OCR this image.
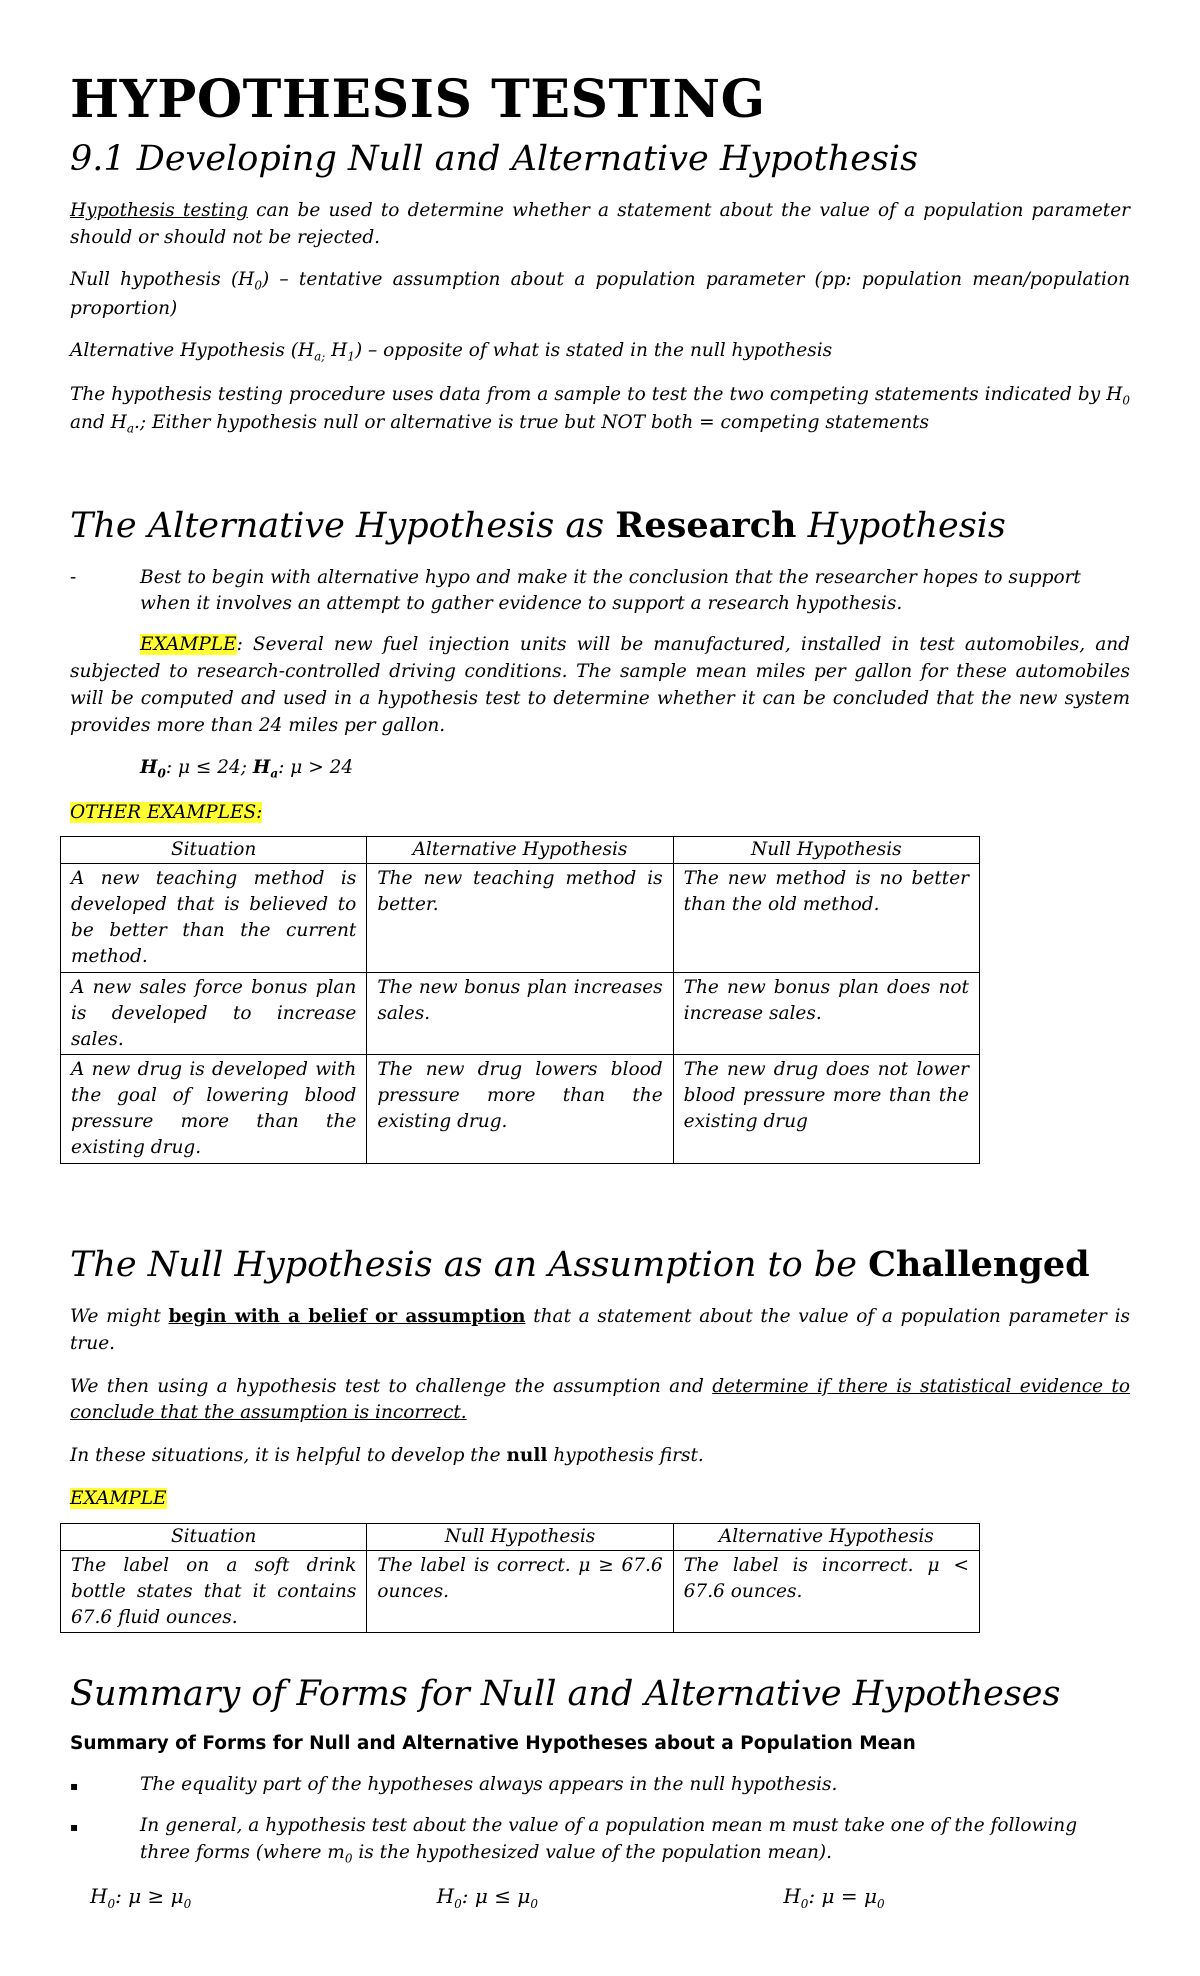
HYPOTHESIS TESTING
9.1 Developing Null and Alternative Hypothesis

Hypothesis testing can be used to determine whether a statement about the value of a population parameter should or should not be rejected.

Null hypothesis $(H_0)$ – tentative assumption about a population parameter (pp: population mean/population proportion)

Alternative Hypothesis ($H_{a;}$ $H_1$) – opposite of what is stated in the null hypothesis

The hypothesis testing procedure uses data from a sample to test the two competing statements indicated by $H_0$ and $H_a$.; Either hypothesis null or alternative is true but NOT both = competing statements

The Alternative Hypothesis as Research Hypothesis
-	Best to begin with alternative hypo and make it the conclusion that the researcher hopes to support when it involves an attempt to gather evidence to support a research hypothesis.

EXAMPLE: Several new fuel injection units will be manufactured, installed in test automobiles, and subjected to research-controlled driving conditions. The sample mean miles per gallon for these automobiles will be computed and used in a hypothesis test to determine whether it can be concluded that the new system provides more than 24 miles per gallon.

$H_0$: μ ≤ 24; $H_a$: μ > 24

OTHER EXAMPLES:

Situation	Alternative Hypothesis	Null Hypothesis
A new teaching method is developed that is believed to be better than the current method.	The new teaching method is better.	The new method is no better than the old method.
A new sales force bonus plan is developed to increase sales.	The new bonus plan increases sales.	The new bonus plan does not increase sales.
A new drug is developed with the goal of lowering blood pressure more than the existing drug.	The new drug lowers blood pressure more than the existing drug.	The new drug does not lower blood pressure more than the existing drug
The Null Hypothesis as an Assumption to be Challenged

We might begin with a belief or assumption that a statement about the value of a population parameter is true.

We then using a hypothesis test to challenge the assumption and determine if there is statistical evidence to conclude that the assumption is incorrect.

In these situations, it is helpful to develop the null hypothesis first.

EXAMPLE

Situation	Null Hypothesis	Alternative Hypothesis
The label on a soft drink bottle states that it contains 67.6 fluid ounces.	The label is correct. μ ≥ 67.6 ounces.	The label is incorrect. μ < 67.6 ounces.
Summary of Forms for Null and Alternative Hypotheses
Summary of Forms for Null and Alternative Hypotheses about a Population Mean
▪	The equality part of the hypotheses always appears in the null hypothesis.
▪	In general, a hypothesis test about the value of a population mean m must take one of the following three forms (where $m_0$ is the hypothesized value of the population mean).
$H_0$: $\mu \ge \mu_0$	$H_0$: $\mu \le \mu_0$	$H_0$: $\mu = \mu_0$
